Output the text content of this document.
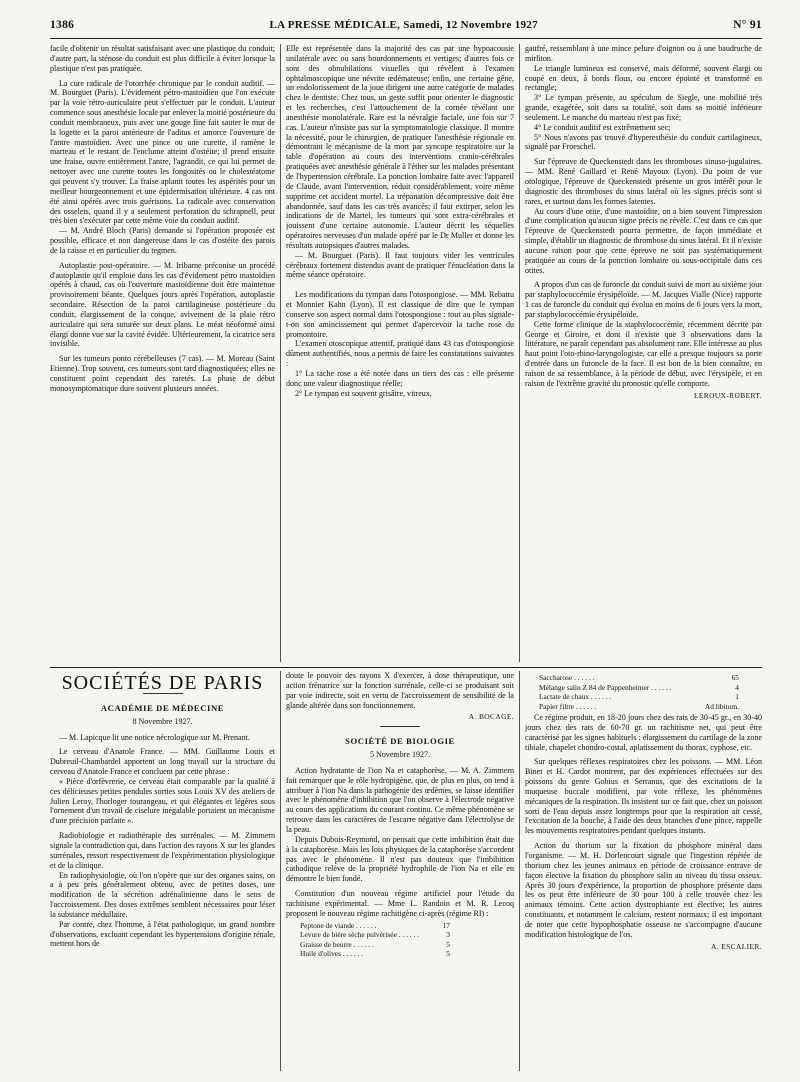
1386	LA PRESSE MÉDICALE, Samedi, 12 Novembre 1927	N° 91

facile d'obtenir un résultat satisfaisant avec une plastique du conduit; d'autre part, la sténose du conduit est plus difficile à éviter lorsque la plastique n'est pas pratiquée.

La cure radicale de l'otorrhée chronique par le conduit auditif. — M. Bourguet (Paris). L'évidement pétro-mastoïdien que l'on exécute par la voie rétro-auriculaire peut s'effectuer par le conduit. L'auteur commence sous anesthésie locale par enlever la moitié postérieure du conduit membraneux, puis avec une gouge fine fait sauter le mur de la logette et la paroi antérieure de l'aditus et amorce l'ouverture de l'antre mastoïdien. Avec une pince ou une curette, il ramène le marteau et le restant de l'enclume atteint d'ostéite; il prend ensuite une fraise, ouvre entièrement l'antre, l'agrandit, ce qui lui permet de nettoyer avec une curette toutes les fongosités ou le cholestéatome qui peuvent s'y trouver. La fraise aplanit toutes les aspérités pour un meilleur bourgeonnement et une épidermisation ultérieure. 4 cas ont été ainsi opérés avec trois guérisons. La radicale avec conservation des osselets, quand il y a seulement perforation du schrapnell, peut très bien s'exécuter par cette même voie du conduit auditif.

— M. André Bloch (Paris) demande si l'opération proposée est possible, efficace et non dangereuse dans le cas d'ostéite des parois de la caisse et en particulier du tegmen.

Autoplastie post-opératoire. — M. Iribarne préconise un procédé d'autoplastie qu'il emploie dans les cas d'évidement pétro mastoïdien opérés à chaud, cas où l'ouverture mastoïdienne doit être maintenue provisoirement béante. Quelques jours après l'opération, autoplastie secondaire. Résection de la paroi cartilagineuse postérieure du conduit, élargissement de la conque, avivement de la plaie rétro auriculaire qui sera suturée sur deux plans. Le méat néoformé ainsi élargi donne vue sur la cavité évidée. Ultérieurement, la cicatrice sera invisible.

Sur les tumeurs ponto cérébelleuses (7 cas). — M. Moreau (Saint Etienne). Trop souvent, ces tumeurs sont tard diagnostiquées; elles ne constituent point cependant des raretés. La phase de début monosymptomatique dure souvent plusieurs années.

Elle est représentée dans la majorité des cas par une hypoacousie unilatérale avec ou sans bourdonnements et vertiges; d'autres fois ce sont des obnubilations visuelles qui révèlent à l'examen ophtalmoscopique une névrite œdémateuse; enfin, une certaine gêne, un endolorissement de la joue dirigent une autre catégorie de malades chez le dentiste. Chez tous, un geste suffit pour orienter le diagnostic et les recherches, c'est l'attouchement de la cornée révélant une anesthésie monolatérale. Rare est la névralgie faciale, une fois sur 7 cas. L'auteur n'insiste pas sur la symptomatologie classique. Il montre la nécessité, pour le chirurgien, de pratiquer l'anesthésie régionale en démontrant le mécanisme de la mort par syncope respiratoire sur la table d'opération au cours des interventions cranio-cérébrales pratiquées avec anesthésie générale à l'éther sur les malades présentant de l'hypertension cérébrale. La ponction lombaire faite avec l'appareil de Claude, avant l'intervention, réduit considérablement, voire même supprime cet accident mortel. La trépanation décompressive doit être abandonnée, sauf dans les cas très avancés; il faut extirper, selon les indications de de Martel, les tumeurs qui sont extra-cérébrales et jouissent d'une certaine autonomie. L'auteur décrit les séquelles opératoires nerveuses d'un malade opéré par le Dr Muller et donne les résultats autopsiques d'autres malades.

— M. Bourguet (Paris). Il faut toujours vider les ventricules cérébraux fortement distendus avant de pratiquer l'énucléation dans la même séance opératoire.

Les modifications du tympan dans l'otospongiose. — MM. Rebattu et Monnier Kahn (Lyon). Il est classique de dire que le tympan conserve son aspect normal dans l'otospongiose : tout au plus signale-t-on son amincissement qui permet d'apercevoir la tache rose du promontoire.

L'examen otoscopique attentif, pratiqué dans 43 cas d'otospongiose dûment authentifiés, nous a permis de faire les constatations suivantes :

1° La tache rose a été notée dans un tiers des cas : elle présente donc une valeur diagnostique réelle;

2° Le tympan est souvent grisâtre, vitreux,

gaufré, ressemblant à une mince pelure d'oignon ou à une baudruche de mirliton.

Le triangle lumineux est conservé, mais déformé, souvent élargi ou coupé en deux, à bords flous, ou encore épointé et transformé en rectangle;

3° Le tympan présente, au spéculum de Siegle, une mobilité très grande, exagérée, soit dans sa totalité, soit dans sa moitié inférieure seulement. Le manche du marteau n'est pas fixé;

4° Le conduit auditif est extrêmement sec;

5° Nous n'avons pas trouvé d'hyperesthésie du conduit cartilagineux, signalé par Froeschel.

Sur l'épreuve de Queckenstedt dans les thromboses sinuso-jugulaires. — MM. René Gaillard et René Mayoux (Lyon). Du point de vue otologique, l'épreuve de Queckenstedt présente un gros intérêt pour le diagnostic des thromboses du sinus latéral où les signes précis sont si rares, et surtout dans les formes latentes.

Au cours d'une otite, d'une mastoïdite, on a bien souvent l'impression d'une complication qu'aucun signe précis ne révèle. C'est dans ce cas que l'épreuve de Queckenstedt pourra permettre, de façon immédiate et simple, d'établir un diagnostic de thrombose du sinus latéral. Et il n'existe aucune raison pour que cette épreuve ne soit pas systématiquement pratiquée au cours de la ponction lombaire ou sous-occipitale dans ces otites.

A propos d'un cas de furoncle du conduit suivi de mort au sixième jour par staphylococcémie érysipéloïde. — M. Jacques Vialle (Nice) rapporte 1 cas de furoncle du conduit qui évolua en moins de 6 jours vers la mort, par staphylococcémie érysipéloïde.

Cette forme clinique de la staphylococcémie, récemment décrite par George et Giroire, et dont il n'existe que 3 observations dans la littérature, ne paraît cependant pas absolument rare. Elle intéresse au plus haut point l'oto-rhino-laryngologiste, car elle a presque toujours sa porte d'entrée dans un furoncle de la face. Il est bon de la bien connaître, en raison de sa ressemblance, à la période de début, avec l'érysipèle, et en raison de l'extrême gravité du pronostic qu'elle comporte.

LEROUX-ROBERT.
SOCIÉTÉS DE PARIS
ACADÉMIE DE MÉDECINE
8 Novembre 1927.

— M. Lapicque lit une notice nécrologique sur M. Prenant.

Le cerveau d'Anatole France. — MM. Guillaume Louis et Dubreuil-Chambardel apportent un long travail sur la structure du cerveau d'Anatole France et concluent par cette phrase :

« Pièce d'orfèvrerie, ce cerveau était comparable par la qualité à ces délicieuses petites pendules sorties sous Louis XV des ateliers de Julien Leroy, l'horloger tourangeau, et qui élégantes et légères sous l'ornement d'un travail de ciselure inégalable portaient un mécanisme d'une précision parfaite ».

Radiobiologie et radiothérapie des surrénales. — M. Zimmern signale la contradiction qui, dans l'action des rayons X sur les glandes surrénales, ressort respectivement de l'expérimentation physiologique et de la clinique.

En radiophysiologie, où l'on n'opère que sur des organes sains, on a à peu près généralement obtenu, avec de petites doses, une modification de la sécrétion adrénalinienne dans le sens de l'accroissement. Des doses extrêmes semblent nécessaires pour léser la substance médullaire.

Par contre, chez l'homme, à l'état pathologique, un grand nombre d'observations, excluant cependant les hypertensions d'origine rénale, mettent hors de

doute le pouvoir des rayons X d'exercer, à dose thérapeutique, une action frénatrice sur la fonction surrénale, celle-ci se produisant soit par voie indirecte, soit en vertu de l'accroissement de sensibilité de la glande altérée dans son fonctionnement.

A. BOCAGE.
SOCIÉTÉ DE BIOLOGIE
5 Novembre 1927.

Action hydratante de l'ion Na et cataphorèse. — M. A. Zimmern fait remarquer que le rôle hydropigène, que, de plus en plus, on tend à attribuer à l'ion Na dans la pathogénie des œdèmes, se laisse identifier avec le phénomène d'inhibition que l'on observe à l'électrode négative au cours des applications du courant continu. Ce même phénomène se retrouve dans les caractères de l'escarre négative dans l'électrolyse de la peau.

Depuis Dubois-Reymond, on pensait que cette imbibition était due à la cataphorèse. Mais les lois physiques de la cataphorèse s'accordent pas avec le phénomène. Il n'est pas douteux que l'imbibition cathodique relève de la propriété hydrophile de l'ion Na et elle en démontre le bien fondé.

Constitution d'un nouveau régime artificiel pour l'étude du rachitisme expérimental. — Mme L. Randoin et M. R. Lecoq proposent le nouveau régime rachitigène ci-après (régime RI) :

Peptone de viande . . . . . .	17
Levure de bière sèche pulvérisée . . . . . .	3
Graisse de beurre . . . . . .	5
Huile d'olives . . . . . .	5
Saccharose . . . . . .	65
Mélange salin Z 84 de Pappenheimer . . . . . .	4
Lactate de chaux . . . . . .	1
Papier filtre . . . . . .	Ad libitum.

Ce régime produit, en 18-20 jours chez des rats de 30-45 gr., en 30-40 jours chez des rats de 60-70 gr. un rachitisme net, qui peut être caractérisé par les signes habituels : élargissement du cartilage de la zone tibiale, chapelet chondro-costal, aplatissement du thorax, cyphose, etc.

Sur quelques réflexes respiratoires chez les poissons. — MM. Léon Binet et H. Cardot montrent, par des expériences effectuées sur des poissons du genre Gobius et Serranus, que des excitations de la muqueuse buccale modifient, par voie réflexe, les phénomènes mécaniques de la respiration. Ils insistent sur ce fait que, chez un poisson sorti de l'eau depuis assez longtemps pour que la respiration ait cessé, l'excitation de la bouche, à l'aide des deux branches d'une pince, rappelle les mouvements respiratoires pendant quelques instants.

Action du thorium sur la fixation du phosphore minéral dans l'organisme. — M. H. Dorlencourt signale que l'ingestion répétée de thorium chez les jeunes animaux en période de croissance entrave de façon élective la fixation du phosphore salin au niveau du tissu osseux. Après 30 jours d'expérience, la proportion de phosphore présente dans les os peut être inférieure de 30 pour 100 à celle trouvée chez les animaux témoins. Cette action dystrophiante est élective; les autres constituants, et notamment le calcium, restent normaux; il est important de noter que cette hypophosphatie osseuse ne s'accompagne d'aucune modification histologique de l'os.

A. ESCALIER.
